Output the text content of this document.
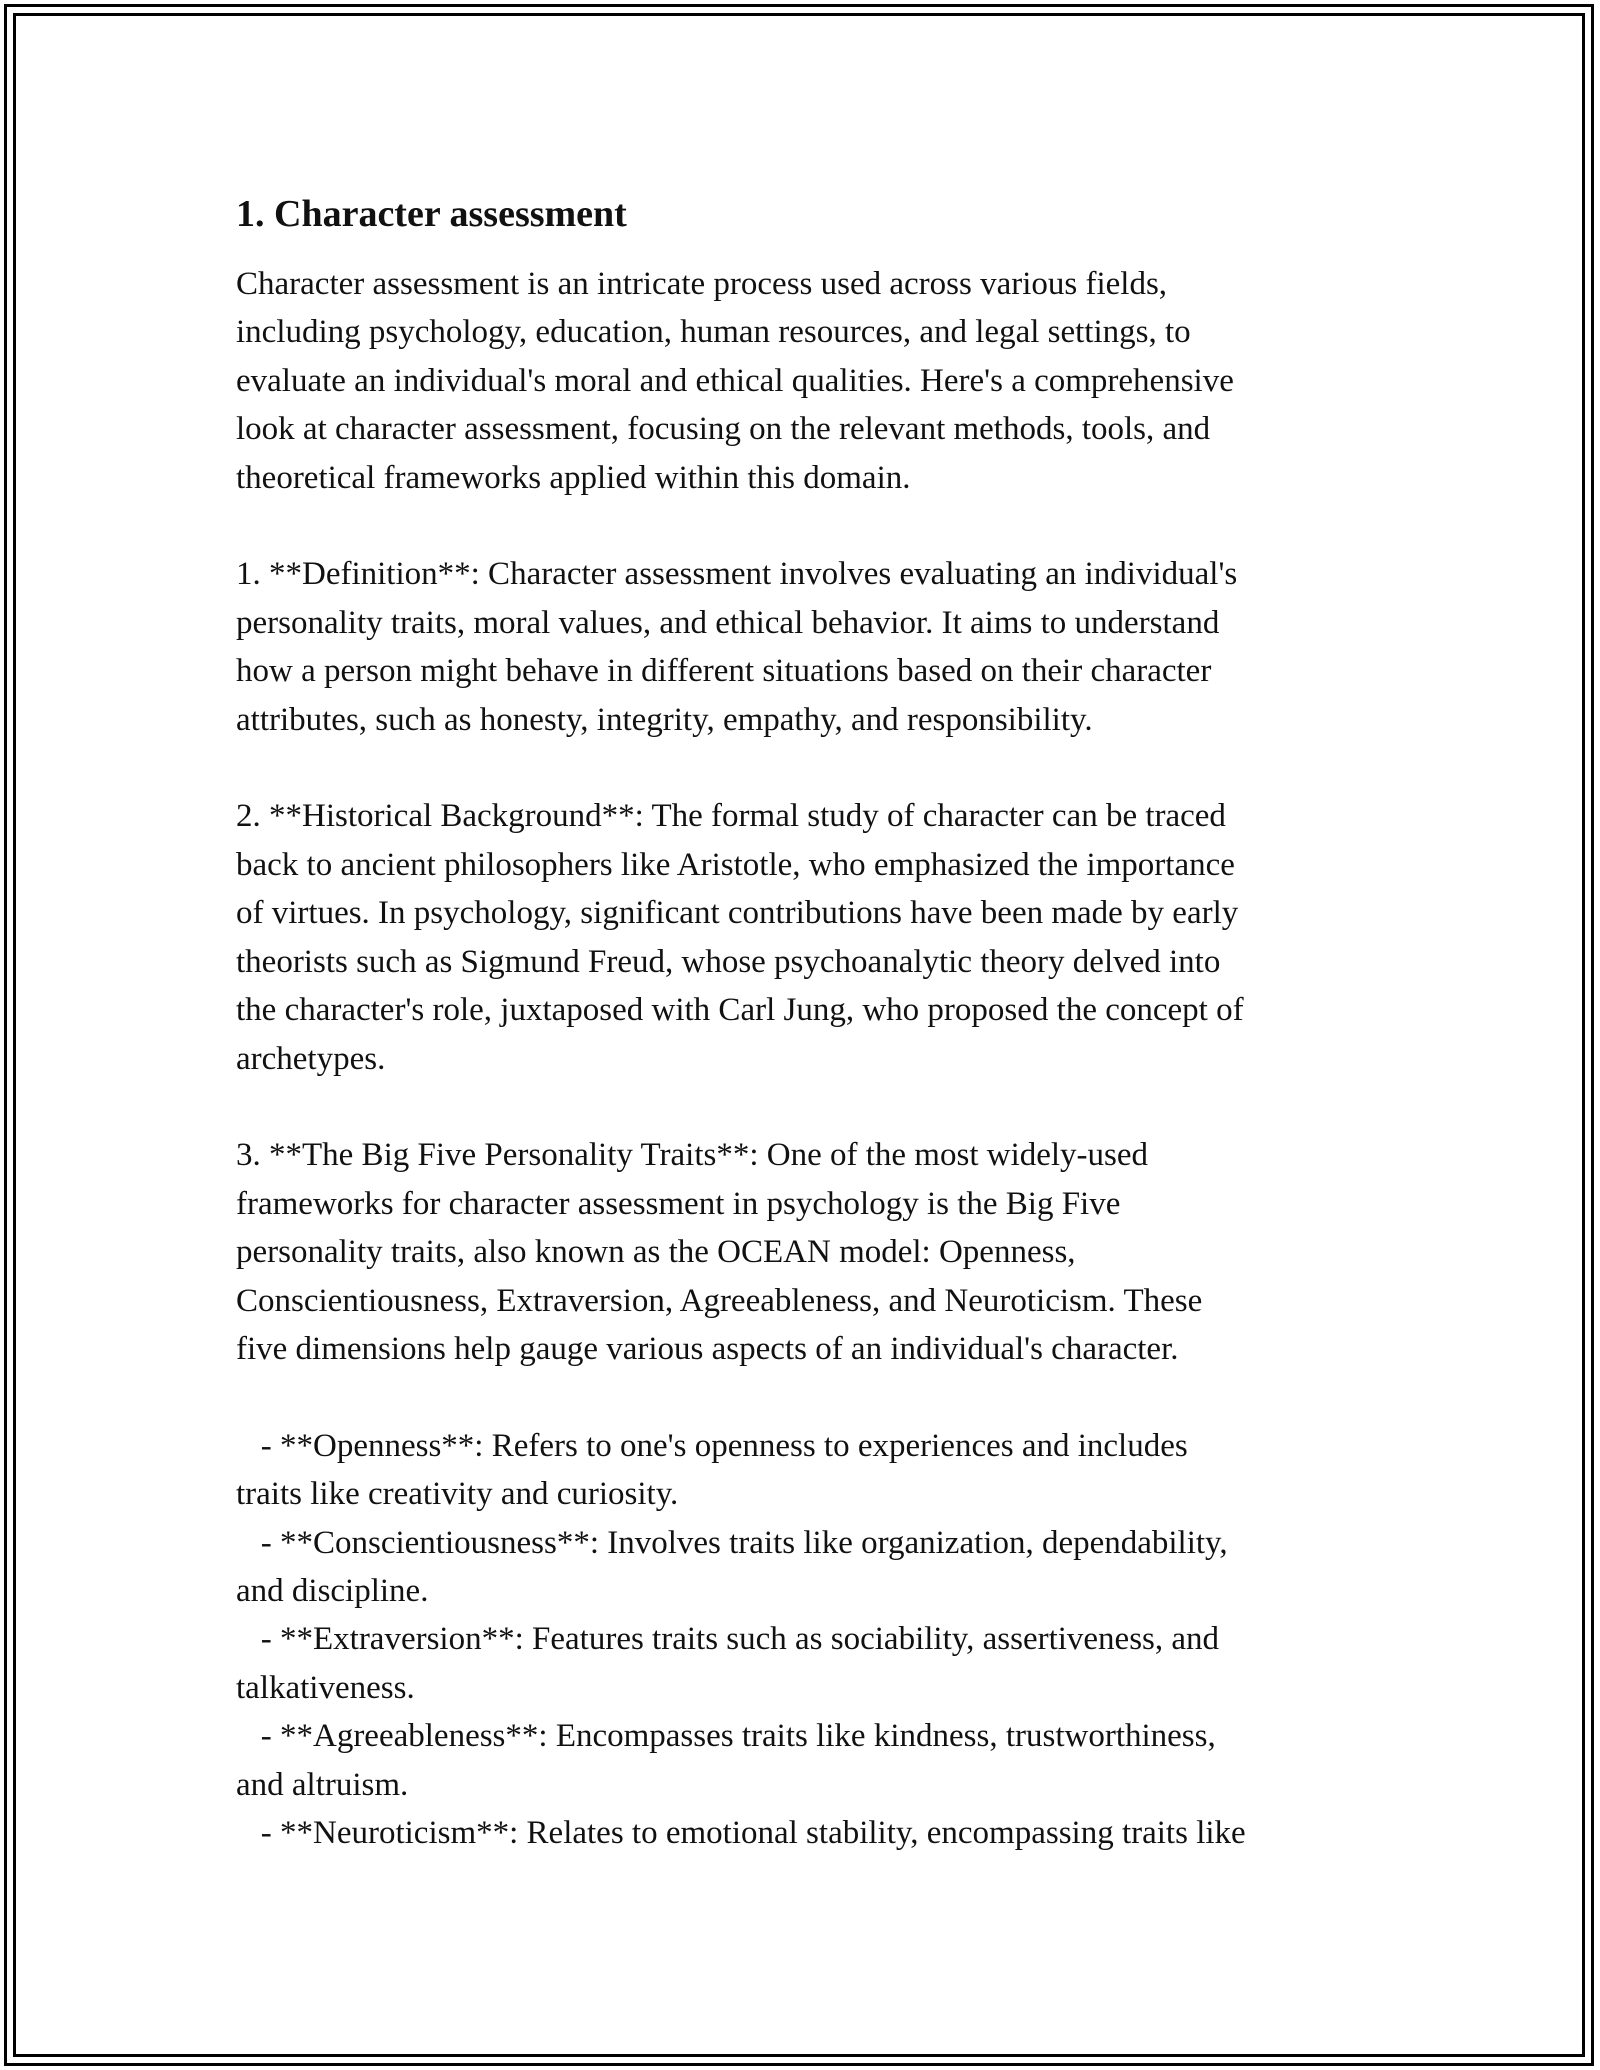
1. Character assessment

Character assessment is an intricate process used across various fields,
including psychology, education, human resources, and legal settings, to
evaluate an individual's moral and ethical qualities. Here's a comprehensive
look at character assessment, focusing on the relevant methods, tools, and
theoretical frameworks applied within this domain.

1. **Definition**: Character assessment involves evaluating an individual's
personality traits, moral values, and ethical behavior. It aims to understand
how a person might behave in different situations based on their character
attributes, such as honesty, integrity, empathy, and responsibility.

2. **Historical Background**: The formal study of character can be traced
back to ancient philosophers like Aristotle, who emphasized the importance
of virtues. In psychology, significant contributions have been made by early
theorists such as Sigmund Freud, whose psychoanalytic theory delved into
the character's role, juxtaposed with Carl Jung, who proposed the concept of
archetypes.

3. **The Big Five Personality Traits**: One of the most widely-used
frameworks for character assessment in psychology is the Big Five
personality traits, also known as the OCEAN model: Openness,
Conscientiousness, Extraversion, Agreeableness, and Neuroticism. These
five dimensions help gauge various aspects of an individual's character.

- **Openness**: Refers to one's openness to experiences and includes
traits like creativity and curiosity.
- **Conscientiousness**: Involves traits like organization, dependability,
and discipline.
- **Extraversion**: Features traits such as sociability, assertiveness, and
talkativeness.
- **Agreeableness**: Encompasses traits like kindness, trustworthiness,
and altruism.
- **Neuroticism**: Relates to emotional stability, encompassing traits like
